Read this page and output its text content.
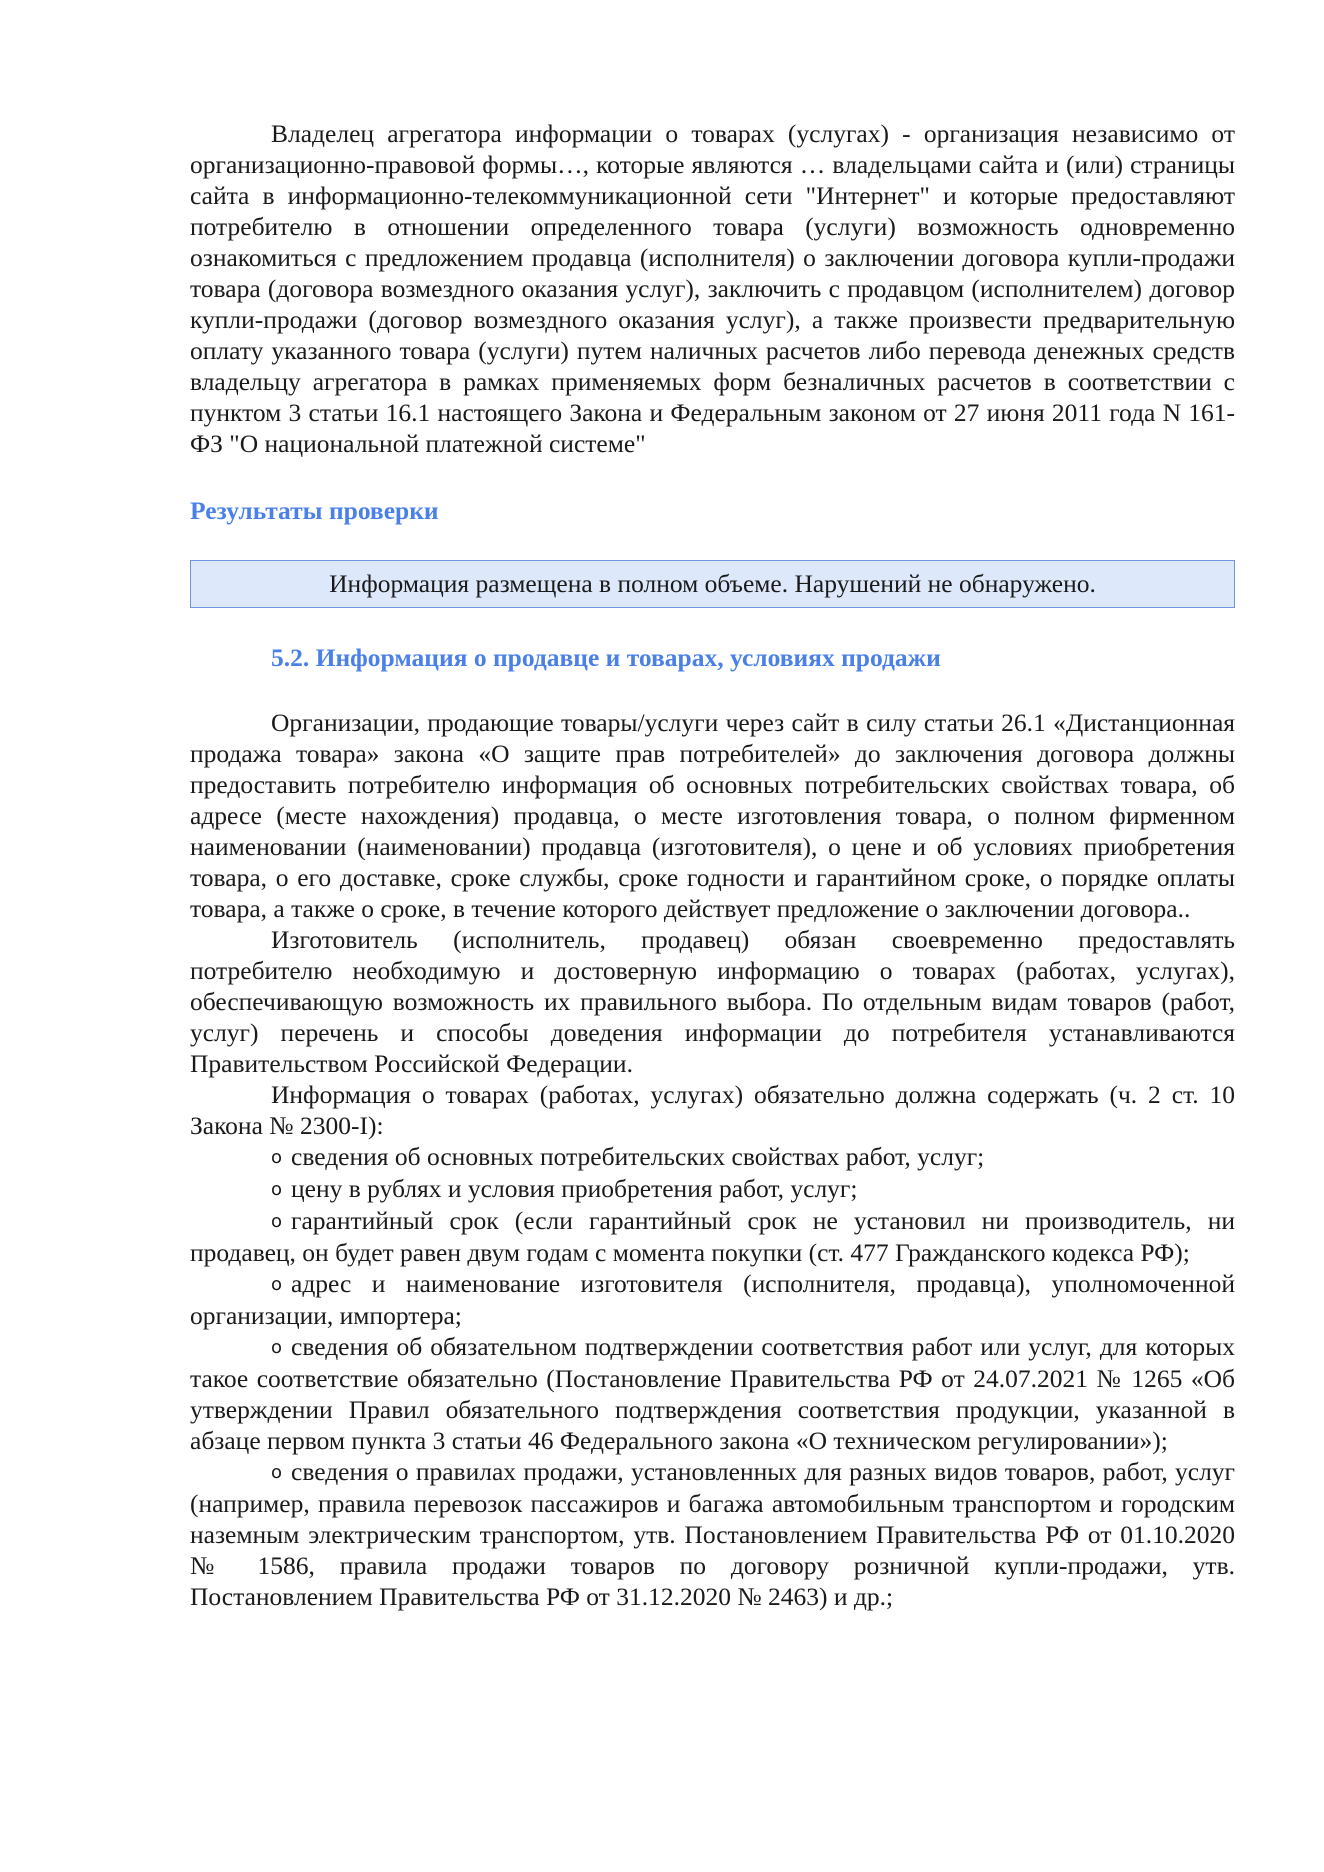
Владелец агрегатора информации о товарах (услугах) - организация независимо от организационно-правовой формы…, которые являются … владельцами сайта и (или) страницы сайта в информационно-телекоммуникационной сети "Интернет" и которые предоставляют потребителю в отношении определенного товара (услуги) возможность одновременно ознакомиться с предложением продавца (исполнителя) о заключении договора купли-продажи товара (договора возмездного оказания услуг), заключить с продавцом (исполнителем) договор купли-продажи (договор возмездного оказания услуг), а также произвести предварительную оплату указанного товара (услуги) путем наличных расчетов либо перевода денежных средств владельцу агрегатора в рамках применяемых форм безналичных расчетов в соответствии с пунктом 3 статьи 16.1 настоящего Закона и Федеральным законом от 27 июня 2011 года N 161-ФЗ "О национальной платежной системе"

Результаты проверки

Информация размещена в полном объеме. Нарушений не обнаружено.

5.2. Информация о продавце и товарах, условиях продажи

Организации, продающие товары/услуги через сайт в силу статьи 26.1 «Дистанционная продажа товара» закона «О защите прав потребителей» до заключения договора должны предоставить потребителю информация об основных потребительских свойствах товара, об адресе (месте нахождения) продавца, о месте изготовления товара, о полном фирменном наименовании (наименовании) продавца (изготовителя), о цене и об условиях приобретения товара, о его доставке, сроке службы, сроке годности и гарантийном сроке, о порядке оплаты товара, а также о сроке, в течение которого действует предложение о заключении договора..

Изготовитель (исполнитель, продавец) обязан своевременно предоставлять потребителю необходимую и достоверную информацию о товарах (работах, услугах), обеспечивающую возможность их правильного выбора. По отдельным видам товаров (работ, услуг) перечень и способы доведения информации до потребителя устанавливаются Правительством Российской Федерации.

Информация о товарах (работах, услугах) обязательно должна содержать (ч. 2 ст. 10 Закона № 2300-I):

o сведения об основных потребительских свойствах работ, услуг;

o цену в рублях и условия приобретения работ, услуг;

o гарантийный срок (если гарантийный срок не установил ни производитель, ни продавец, он будет равен двум годам с момента покупки (ст. 477 Гражданского кодекса РФ);

o адрес и наименование изготовителя (исполнителя, продавца), уполномоченной организации, импортера;

o сведения об обязательном подтверждении соответствия работ или услуг, для которых такое соответствие обязательно (Постановление Правительства РФ от 24.07.2021 № 1265 «Об утверждении Правил обязательного подтверждения соответствия продукции, указанной в абзаце первом пункта 3 статьи 46 Федерального закона «О техническом регулировании»);

o сведения о правилах продажи, установленных для разных видов товаров, работ, услуг (например, правила перевозок пассажиров и багажа автомобильным транспортом и городским наземным электрическим транспортом, утв. Постановлением Правительства РФ от 01.10.2020 № 1586, правила продажи товаров по договору розничной купли-продажи, утв. Постановлением Правительства РФ от 31.12.2020 № 2463) и др.;
